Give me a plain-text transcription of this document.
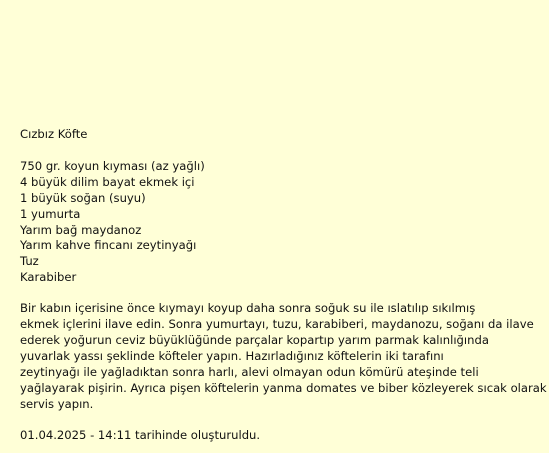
Cızbız Köfte
750 gr. koyun kıyması (az yağlı)
4 büyük dilim bayat ekmek içi
1 büyük soğan (suyu)
1 yumurta
Yarım bağ maydanoz
Yarım kahve fincanı zeytinyağı
Tuz
Karabiber
Bir kabın içerisine önce kıymayı koyup daha sonra soğuk su ile ıslatılıp sıkılmış
ekmek içlerini ilave edin. Sonra yumurtayı, tuzu, karabiberi, maydanozu, soğanı da ilave
ederek yoğurun ceviz büyüklüğünde parçalar kopartıp yarım parmak kalınlığında
yuvarlak yassı şeklinde köfteler yapın. Hazırladığınız köftelerin iki tarafını
zeytinyağı ile yağladıktan sonra harlı, alevi olmayan odun kömürü ateşinde teli
yağlayarak pişirin. Ayrıca pişen köftelerin yanma domates ve biber közleyerek sıcak olarak
servis yapın.
01.04.2025 - 14:11 tarihinde oluşturuldu.
